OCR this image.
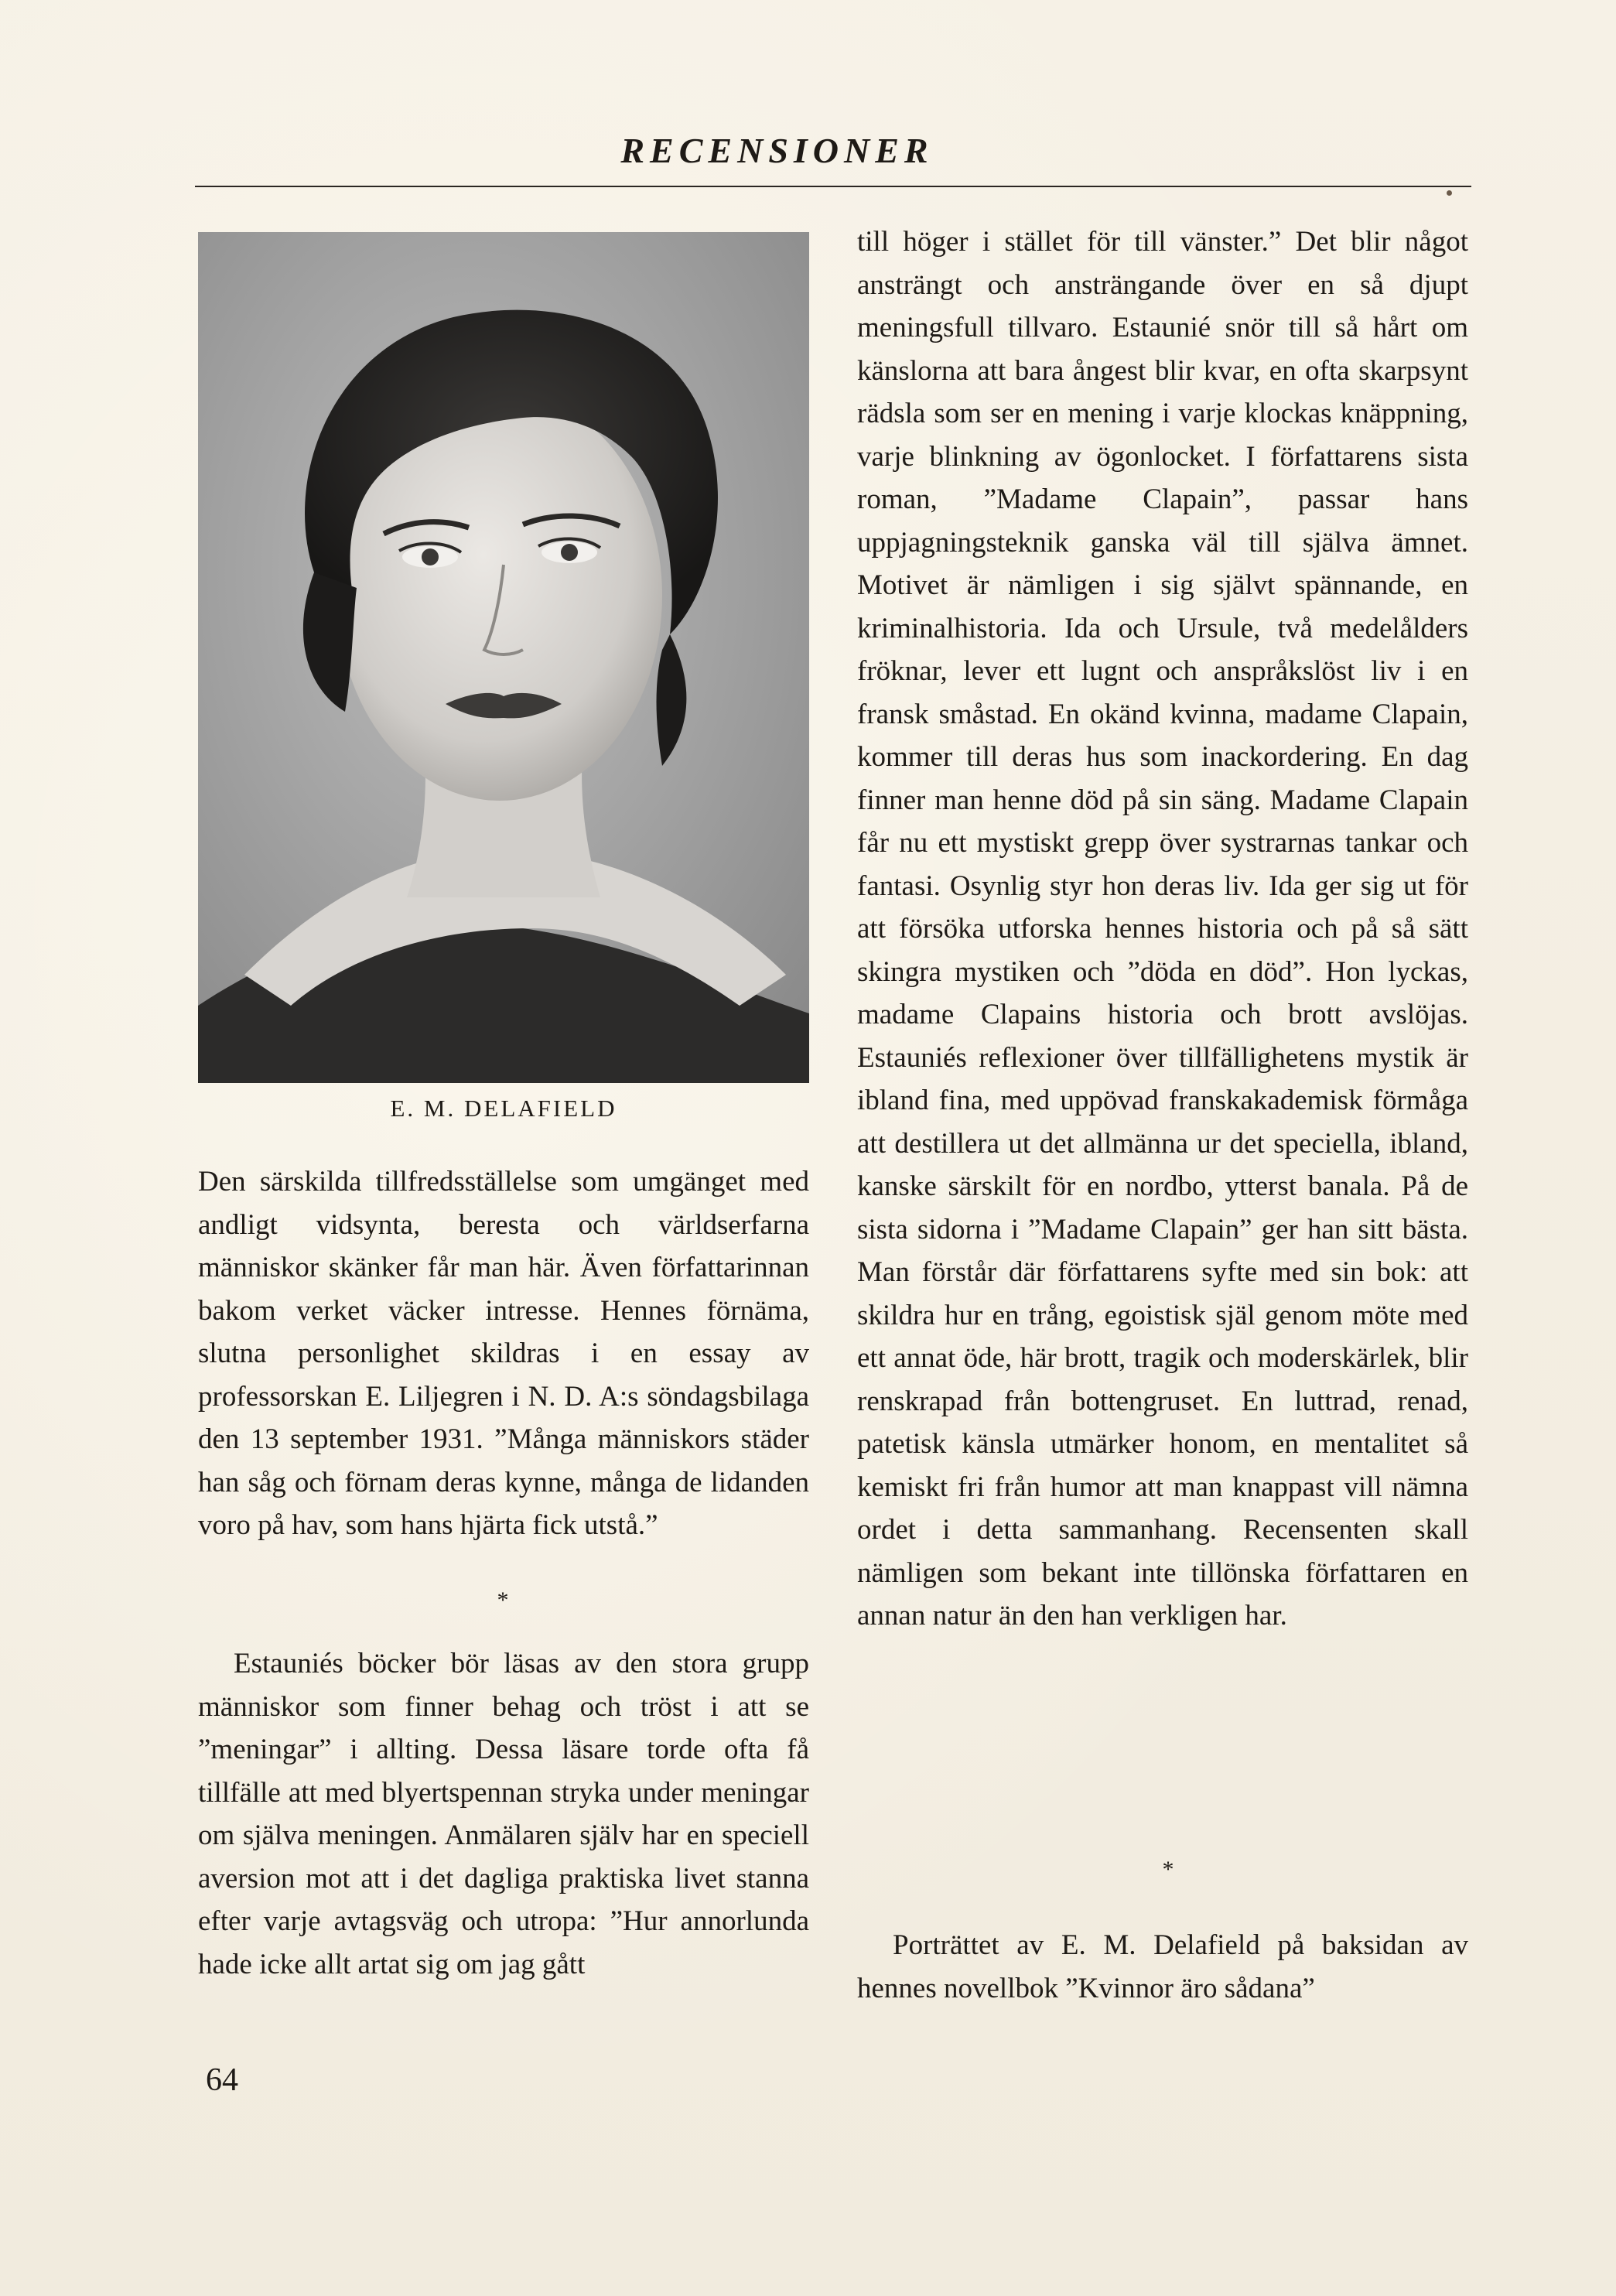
RECENSIONER
E. M. DELAFIELD

Den särskilda tillfredsställelse som umgänget med andligt vidsynta, beresta och världserfarna människor skänker får man här. Även författarinnan bakom verket väcker intresse. Hennes förnäma, slutna personlighet skildras i en essay av professorskan E. Liljegren i N. D. A:s söndagsbilaga den 13 september 1931. ”Många människors städer han såg och förnam deras kynne, många de lidanden voro på hav, som hans hjärta fick utstå.”

*

Estauniés böcker bör läsas av den stora grupp människor som finner behag och tröst i att se ”meningar” i allting. Dessa läsare torde ofta få tillfälle att med blyertspennan stryka under meningar om själva meningen. Anmälaren själv har en speciell aversion mot att i det dagliga praktiska livet stanna efter varje avtagsväg och utropa: ”Hur annorlunda hade icke allt artat sig om jag gått

till höger i stället för till vänster.” Det blir något ansträngt och ansträngande över en så djupt meningsfull tillvaro. Estaunié snör till så hårt om känslorna att bara ångest blir kvar, en ofta skarpsynt rädsla som ser en mening i varje klockas knäppning, varje blinkning av ögonlocket. I författarens sista roman, ”Madame Clapain”, passar hans uppjagningsteknik ganska väl till själva ämnet. Motivet är nämligen i sig självt spännande, en kriminalhistoria. Ida och Ursule, två medelålders fröknar, lever ett lugnt och anspråkslöst liv i en fransk småstad. En okänd kvinna, madame Clapain, kommer till deras hus som inackordering. En dag finner man henne död på sin säng. Madame Clapain får nu ett mystiskt grepp över systrarnas tankar och fantasi. Osynlig styr hon deras liv. Ida ger sig ut för att försöka utforska hennes historia och på så sätt skingra mystiken och ”döda en död”. Hon lyckas, madame Clapains historia och brott avslöjas. Estauniés reflexioner över tillfällighetens mystik är ibland fina, med uppövad franskakademisk förmåga att destillera ut det allmänna ur det speciella, ibland, kanske särskilt för en nordbo, ytterst banala. På de sista sidorna i ”Madame Clapain” ger han sitt bästa. Man förstår där författarens syfte med sin bok: att skildra hur en trång, egoistisk själ genom möte med ett annat öde, här brott, tragik och moderskärlek, blir renskrapad från bottengruset. En luttrad, renad, patetisk känsla utmärker honom, en mentalitet så kemiskt fri från humor att man knappast vill nämna ordet i detta sammanhang. Recensenten skall nämligen som bekant inte tillönska författaren en annan natur än den han verkligen har.

*

Porträttet av E. M. Delafield på baksidan av hennes novellbok ”Kvinnor äro sådana”

64
